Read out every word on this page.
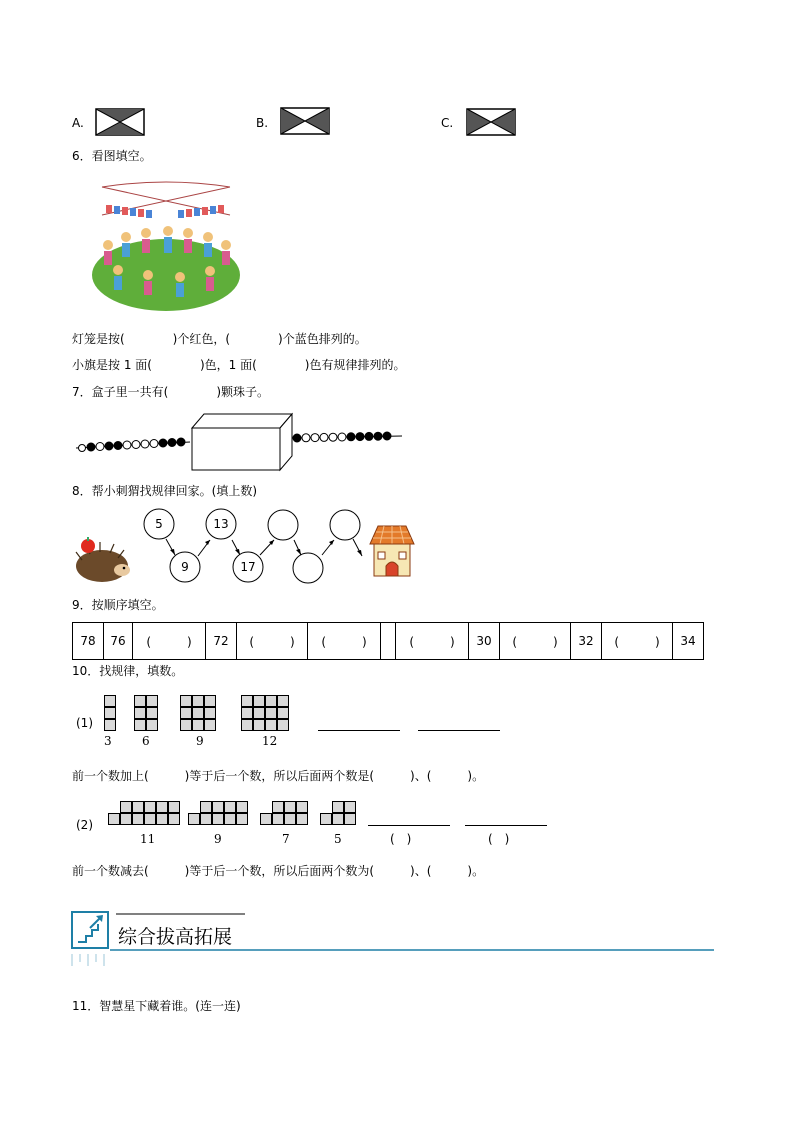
A.	B.	C.
6．看图填空。
灯笼是按(　　　　)个红色，(　　　　)个蓝色排列的。
小旗是按 1 面(　　　　)色，1 面(　　　　)色有规律排列的。
7．盒子里一共有(　　　　)颗珠子。
8．帮小刺猬找规律回家。(填上数)
5
9
13
17
9．按顺序填空。
78	76	(　　　)	72	(　　　)	(　　　)		(　　　)	30	(　　　)	32	(　　　)	34
10．找规律，填数。
(1)
3	6	9	12
前一个数加上(　　　)等于后一个数，所以后面两个数是(　　　)、(　　　)。
(2)
11	9	7	5	(　)	(　)
前一个数减去(　　　)等于后一个数，所以后面两个数为(　　　)、(　　　)。
综合拔高拓展
11．智慧星下藏着谁。(连一连)
